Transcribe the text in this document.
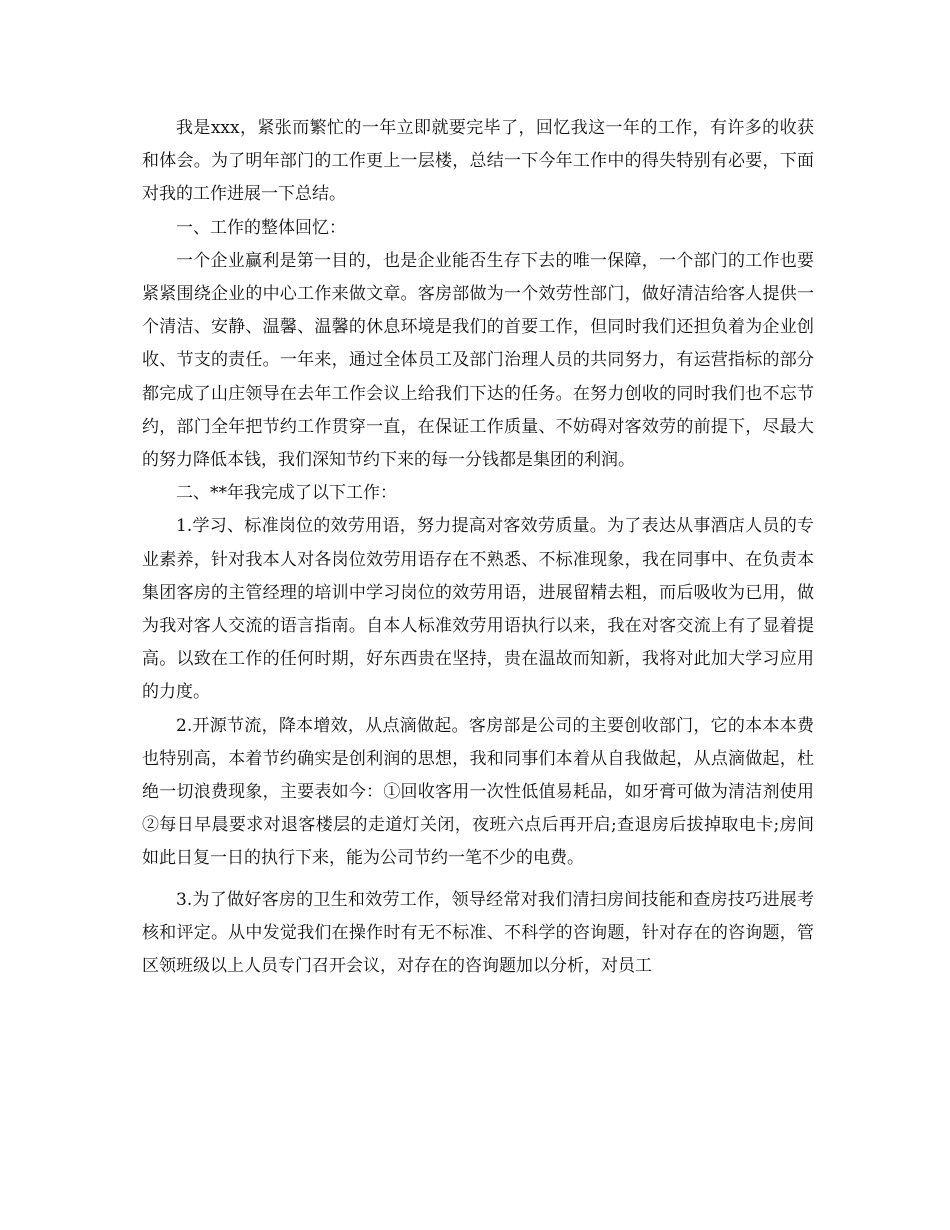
我是xxx，紧张而繁忙的一年立即就要完毕了，回忆我这一年的工作，有许多的收获和体会。为了明年部门的工作更上一层楼，总结一下今年工作中的得失特别有必要，下面对我的工作进展一下总结。

一、工作的整体回忆：

一个企业赢利是第一目的，也是企业能否生存下去的唯一保障，一个部门的工作也要紧紧围绕企业的中心工作来做文章。客房部做为一个效劳性部门，做好清洁给客人提供一个清洁、安静、温馨、温馨的休息环境是我们的首要工作，但同时我们还担负着为企业创收、节支的责任。一年来，通过全体员工及部门治理人员的共同努力，有运营指标的部分都完成了山庄领导在去年工作会议上给我们下达的任务。在努力创收的同时我们也不忘节约，部门全年把节约工作贯穿一直，在保证工作质量、不妨碍对客效劳的前提下，尽最大的努力降低本钱，我们深知节约下来的每一分钱都是集团的利润。

二、**年我完成了以下工作：

1.学习、标准岗位的效劳用语，努力提高对客效劳质量。为了表达从事酒店人员的专业素养，针对我本人对各岗位效劳用语存在不熟悉、不标准现象，我在同事中、在负责本集团客房的主管经理的培训中学习岗位的效劳用语，进展留精去粗，而后吸收为已用，做为我对客人交流的语言指南。自本人标准效劳用语执行以来，我在对客交流上有了显着提高。以致在工作的任何时期，好东西贵在坚持，贵在温故而知新，我将对此加大学习应用的力度。

2.开源节流，降本增效，从点滴做起。客房部是公司的主要创收部门，它的本本本费也特别高，本着节约确实是创利润的思想，我和同事们本着从自我做起，从点滴做起，杜绝一切浪费现象，主要表如今：①回收客用一次性低值易耗品，如牙膏可做为清洁剂使用②每日早晨要求对退客楼层的走道灯关闭，夜班六点后再开启;查退房后拔掉取电卡;房间如此日复一日的执行下来，能为公司节约一笔不少的电费。

3.为了做好客房的卫生和效劳工作，领导经常对我们清扫房间技能和查房技巧进展考核和评定。从中发觉我们在操作时有无不标准、不科学的咨询题，针对存在的咨询题，管区领班级以上人员专门召开会议，对存在的咨询题加以分析，对员工
